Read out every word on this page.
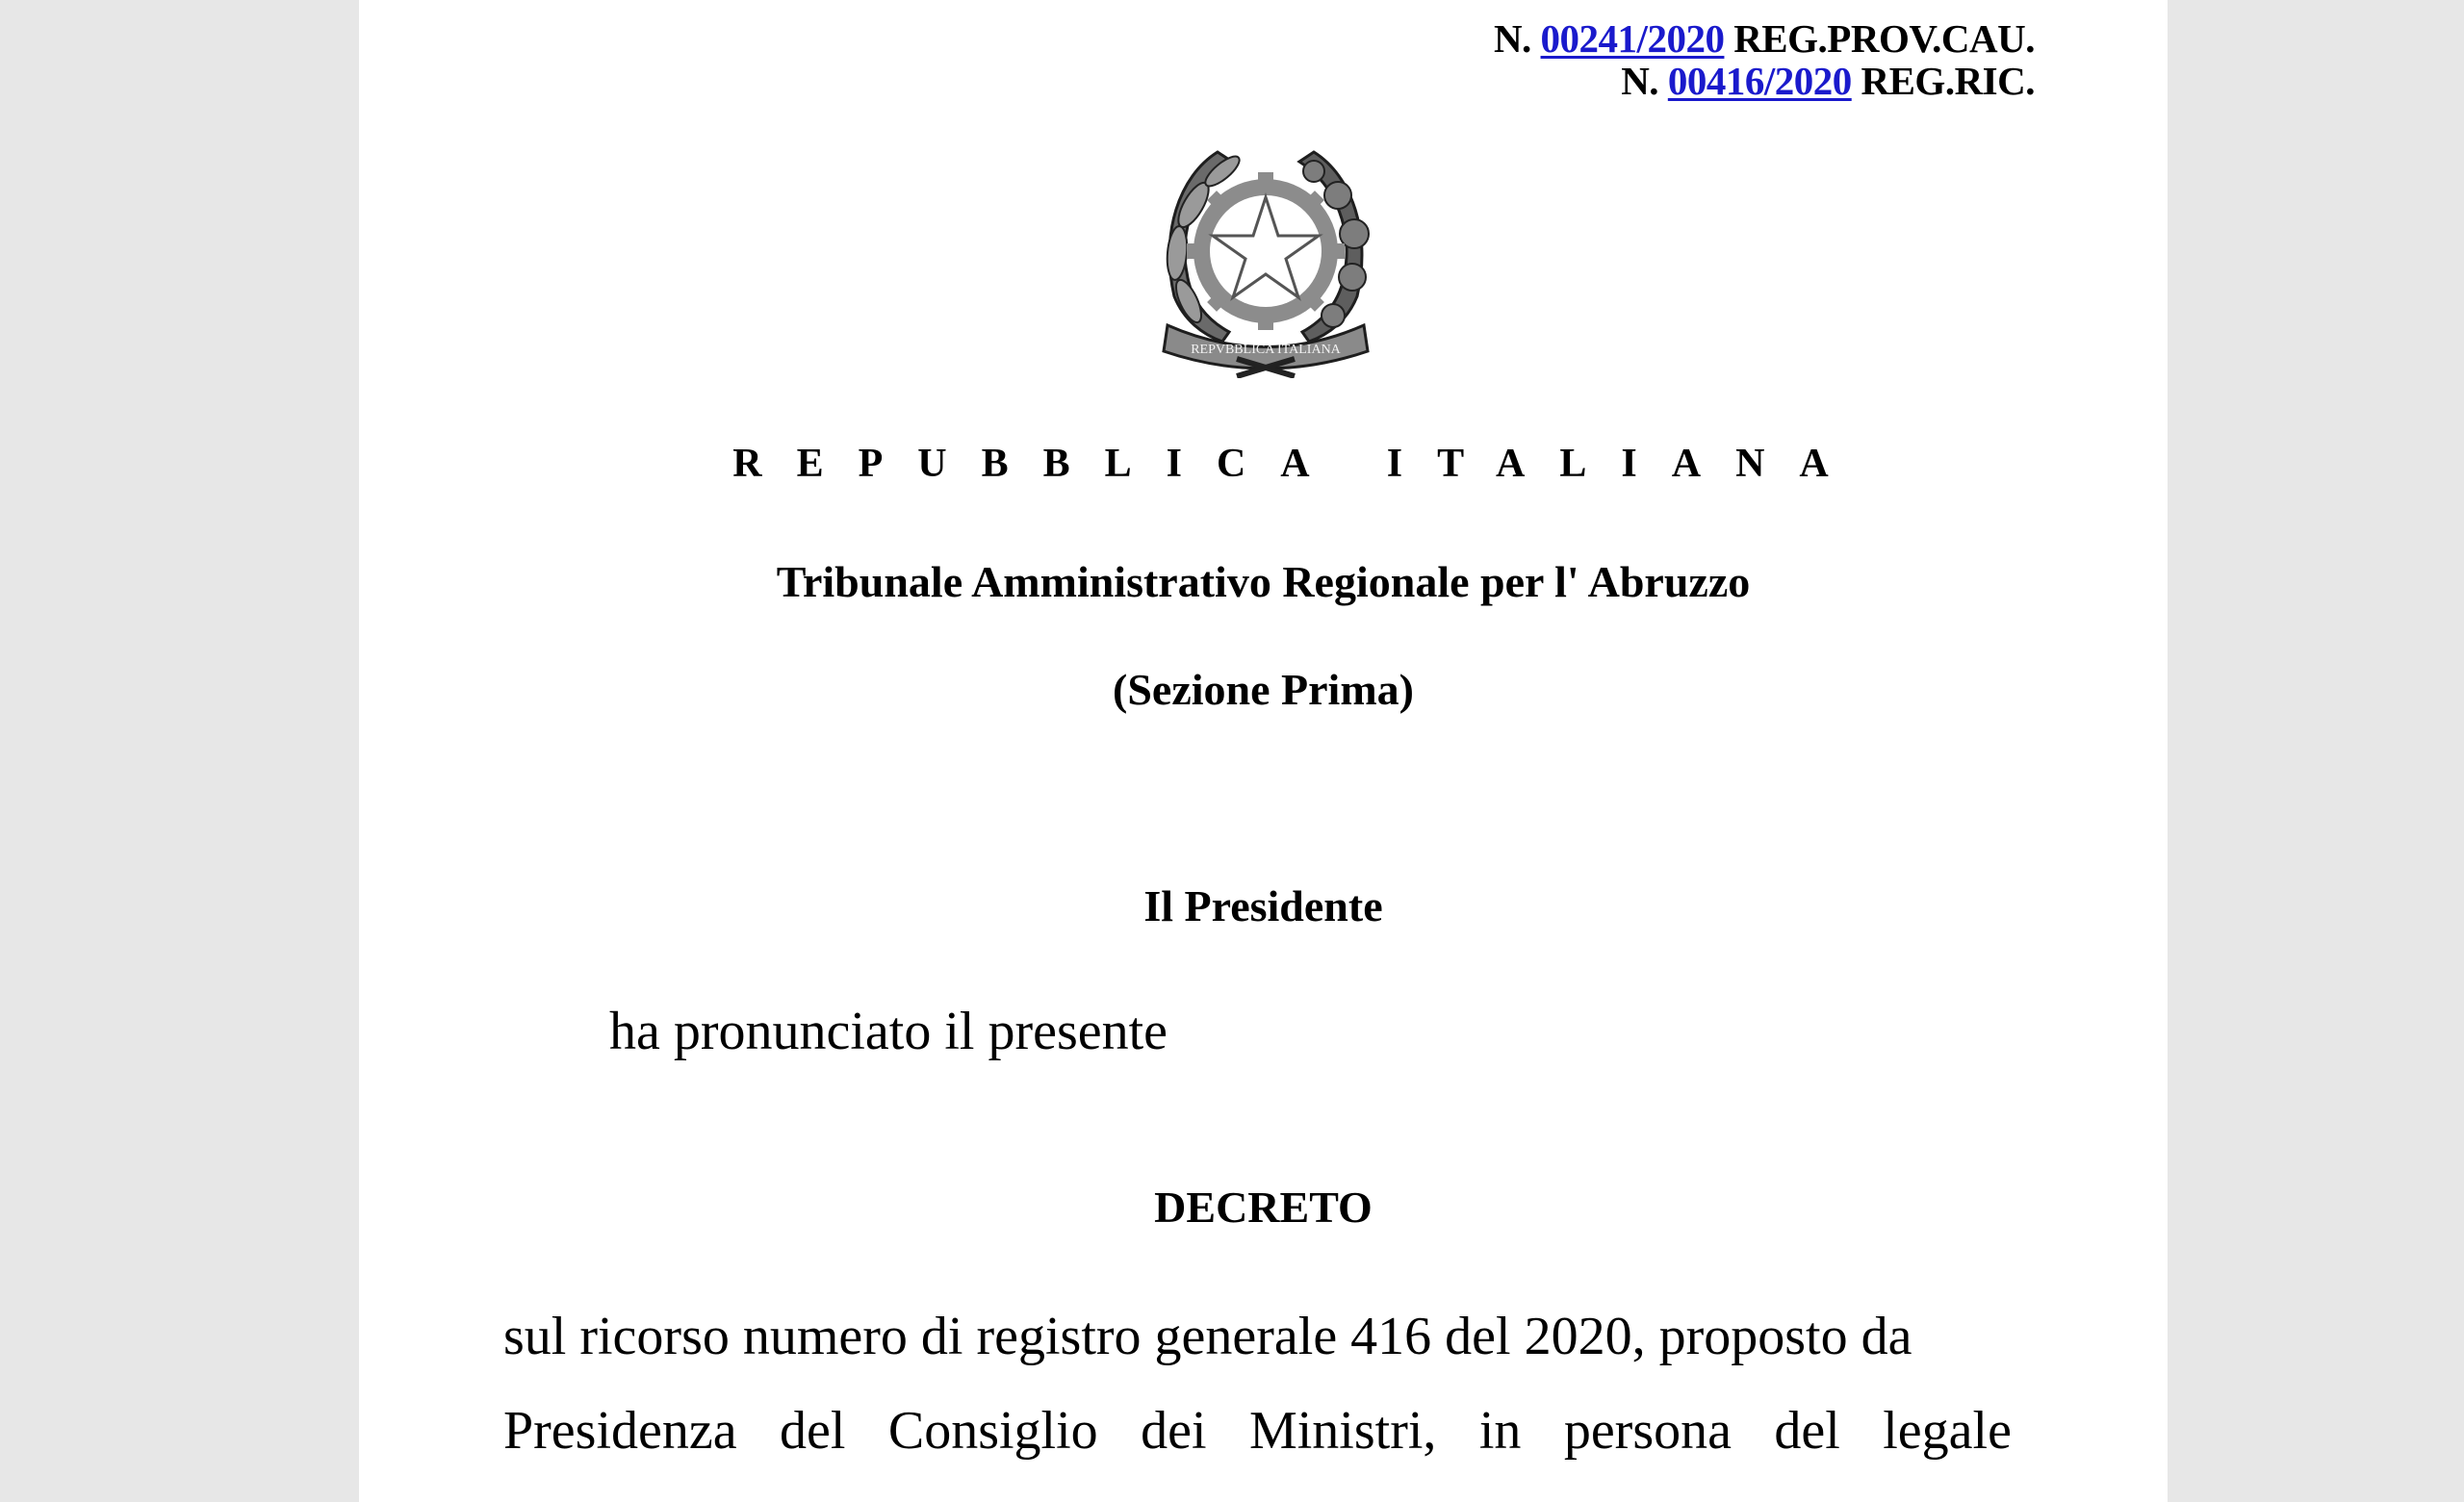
N. 00241/2020 REG.PROV.CAU.
N. 00416/2020 REG.RIC.
REPVBBLICA ITALIANA
REPUBBLICA ITALIANA
Tribunale Amministrativo Regionale per l' Abruzzo
(Sezione Prima)
Il Presidente
ha pronunciato il presente
DECRETO
sul ricorso numero di registro generale 416 del 2020, proposto da
Presidenza del Consiglio dei Ministri, in persona del legale
